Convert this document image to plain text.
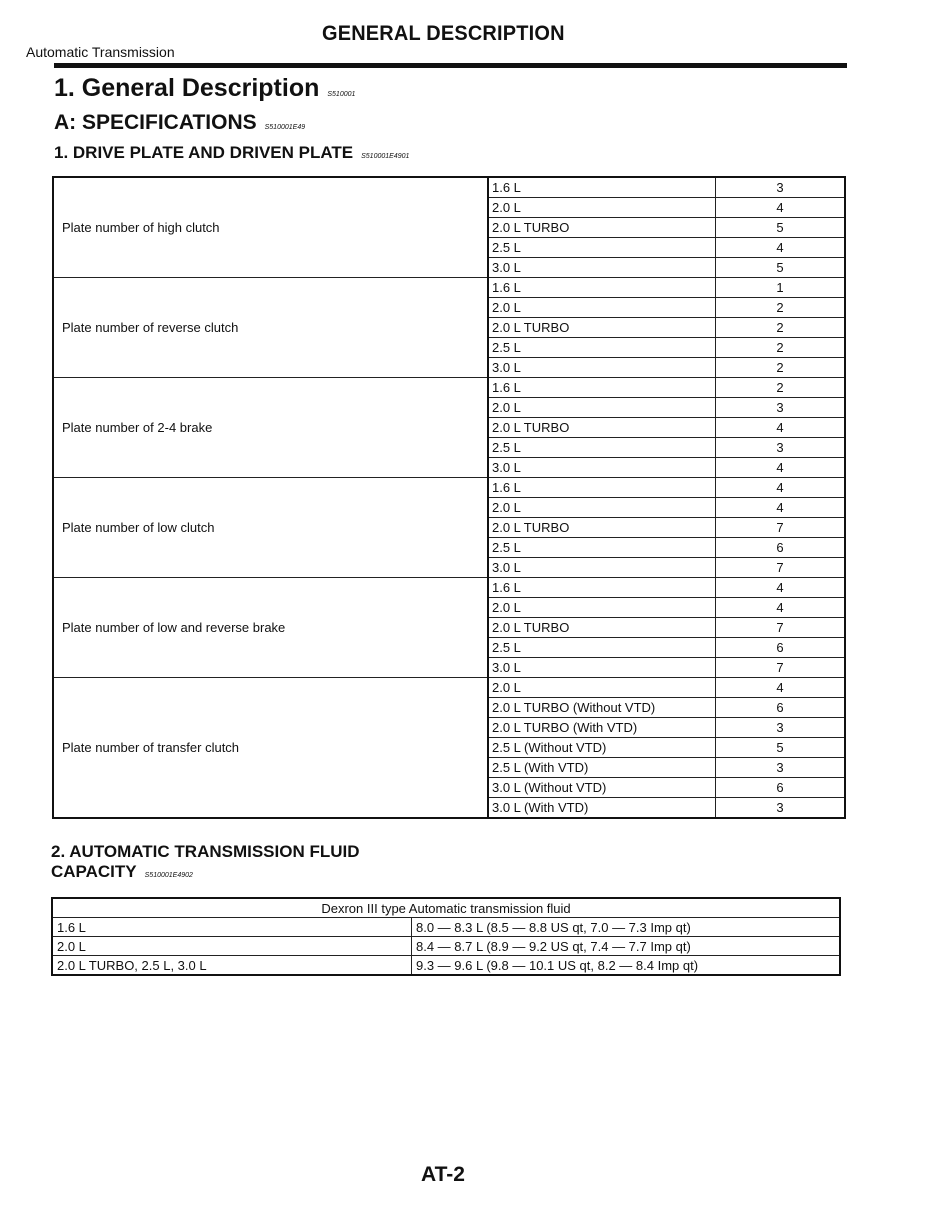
Automatic Transmission
GENERAL DESCRIPTION
1. General Description S510001
A: SPECIFICATIONS S510001E49
1. DRIVE PLATE AND DRIVEN PLATE S510001E4901
Plate number of high clutch	1.6 L	3
	2.0 L	4
	2.0 L TURBO	5
	2.5 L	4
	3.0 L	5
Plate number of reverse clutch	1.6 L	1
	2.0 L	2
	2.0 L TURBO	2
	2.5 L	2
	3.0 L	2
Plate number of 2-4 brake	1.6 L	2
	2.0 L	3
	2.0 L TURBO	4
	2.5 L	3
	3.0 L	4
Plate number of low clutch	1.6 L	4
	2.0 L	4
	2.0 L TURBO	7
	2.5 L	6
	3.0 L	7
Plate number of low and reverse brake	1.6 L	4
	2.0 L	4
	2.0 L TURBO	7
	2.5 L	6
	3.0 L	7
Plate number of transfer clutch	2.0 L	4
	2.0 L TURBO (Without VTD)	6
	2.0 L TURBO (With VTD)	3
	2.5 L (Without VTD)	5
	2.5 L (With VTD)	3
	3.0 L (Without VTD)	6
	3.0 L (With VTD)	3
2. AUTOMATIC TRANSMISSION FLUID
CAPACITY S510001E4902
Dexron III type Automatic transmission fluid	
1.6 L	8.0 — 8.3 L (8.5 — 8.8 US qt, 7.0 — 7.3 Imp qt)
2.0 L	8.4 — 8.7 L (8.9 — 9.2 US qt, 7.4 — 7.7 Imp qt)
2.0 L TURBO, 2.5 L, 3.0 L	9.3 — 9.6 L (9.8 — 10.1 US qt, 8.2 — 8.4 Imp qt)
AT-2
